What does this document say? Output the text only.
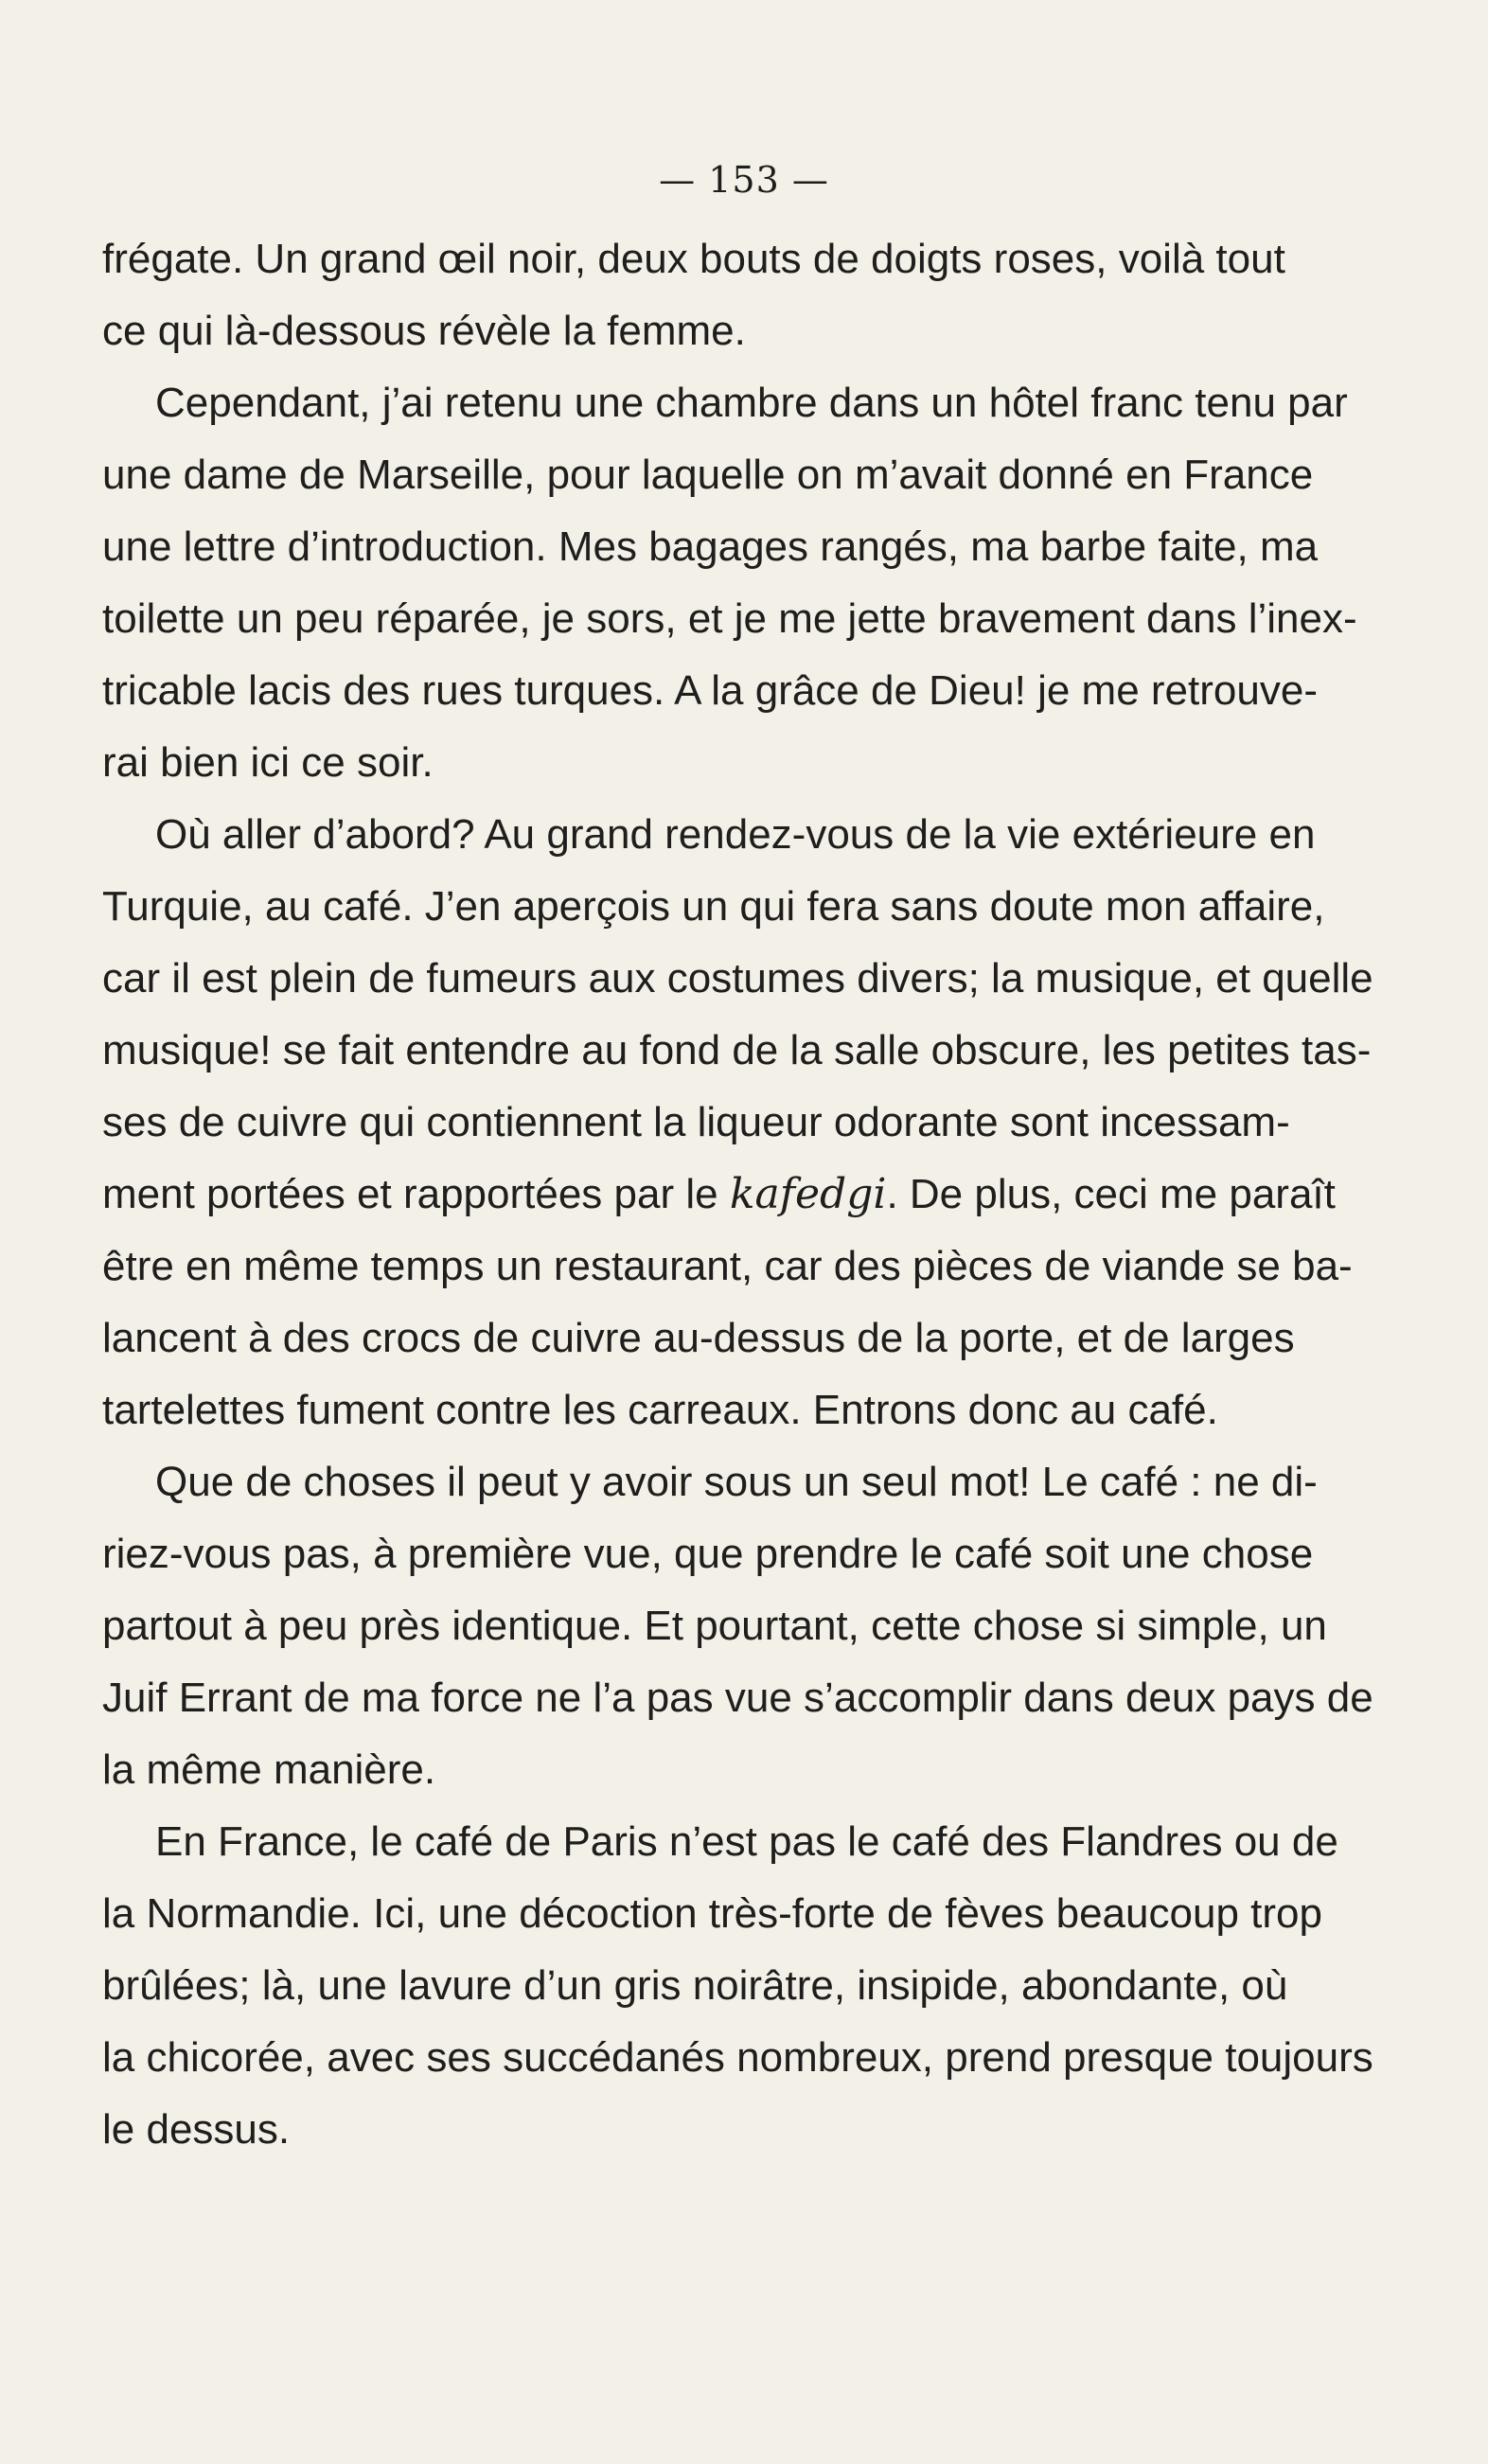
— 153 —
frégate. Un grand œil noir, deux bouts de doigts roses, voilà tout
ce qui là-dessous révèle la femme.
Cependant, j’ai retenu une chambre dans un hôtel franc tenu par
une dame de Marseille, pour laquelle on m’avait donné en France
une lettre d’introduction. Mes bagages rangés, ma barbe faite, ma
toilette un peu réparée, je sors, et je me jette bravement dans l’inex-
tricable lacis des rues turques. A la grâce de Dieu! je me retrouve-
rai bien ici ce soir.
Où aller d’abord? Au grand rendez-vous de la vie extérieure en
Turquie, au café. J’en aperçois un qui fera sans doute mon affaire,
car il est plein de fumeurs aux costumes divers; la musique, et quelle
musique! se fait entendre au fond de la salle obscure, les petites tas-
ses de cuivre qui contiennent la liqueur odorante sont incessam-
ment portées et rapportées par le kafedgi. De plus, ceci me paraît
être en même temps un restaurant, car des pièces de viande se ba-
lancent à des crocs de cuivre au-dessus de la porte, et de larges
tartelettes fument contre les carreaux. Entrons donc au café.
Que de choses il peut y avoir sous un seul mot! Le café : ne di-
riez-vous pas, à première vue, que prendre le café soit une chose
partout à peu près identique. Et pourtant, cette chose si simple, un
Juif Errant de ma force ne l’a pas vue s’accomplir dans deux pays de
la même manière.
En France, le café de Paris n’est pas le café des Flandres ou de
la Normandie. Ici, une décoction très-forte de fèves beaucoup trop
brûlées; là, une lavure d’un gris noirâtre, insipide, abondante, où
la chicorée, avec ses succédanés nombreux, prend presque toujours
le dessus.
